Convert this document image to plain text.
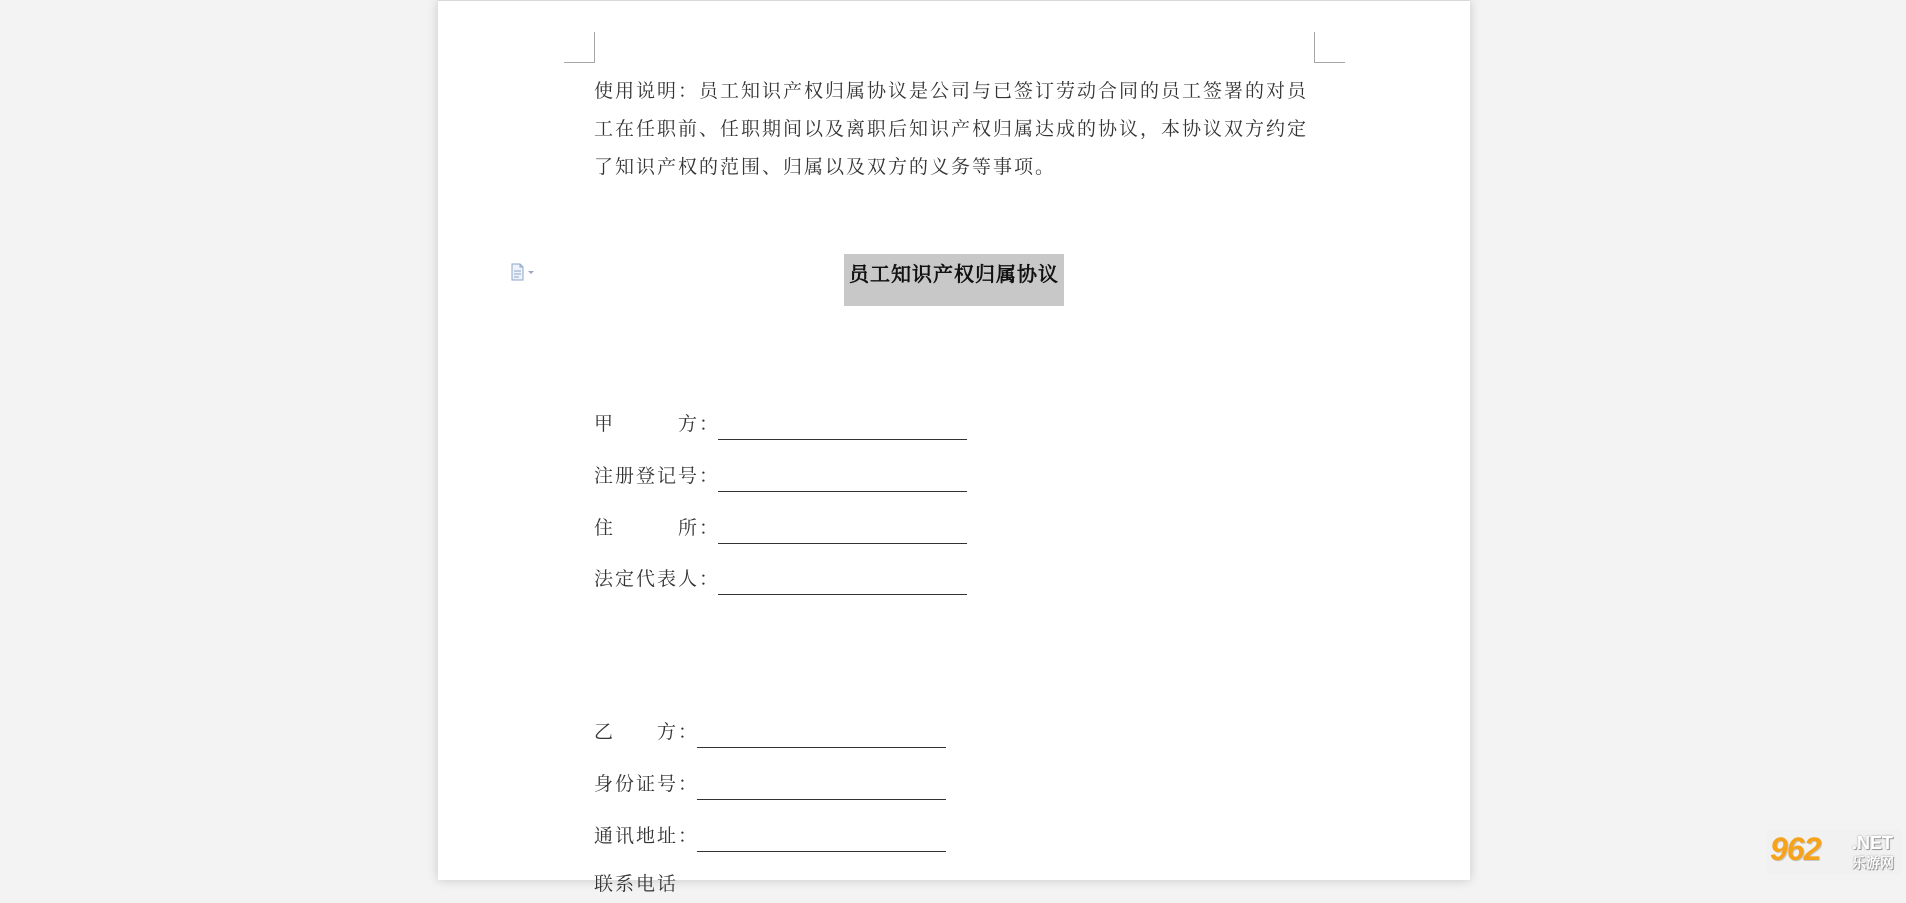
使用说明：员工知识产权归属协议是公司与已签订劳动合同的员工签署的对员
工在任职前、任职期间以及离职后知识产权归属达成的协议，本协议双方约定
了知识产权的范围、归属以及双方的义务等事项。
员工知识产权归属协议
甲　　　方：
注册登记号：
住　　　所：
法定代表人：
乙　　方：
身份证号：
通讯地址：
联系电话
962 .NET
乐游网
